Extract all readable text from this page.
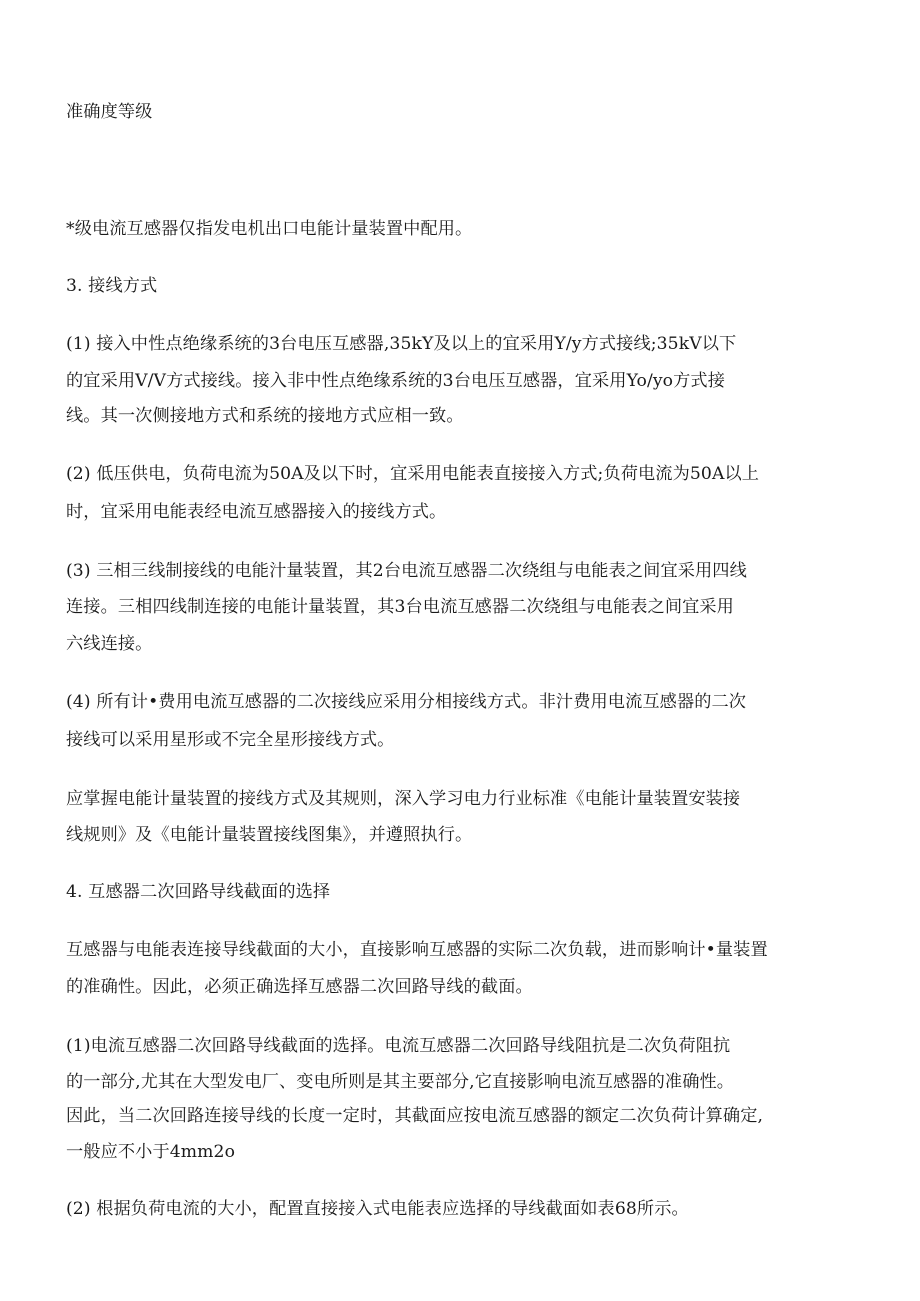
准确度等级
*级电流互感器仅指发电机出口电能计量装置中配用。
3. 接线方式
(1) 接入中性点绝缘系统的3台电压互感器,35kY及以上的宜采用Y/y方式接线;35kV以下
的宜采用V/V方式接线。接入非中性点绝缘系统的3台电压互感器，宜采用Yo/yo方式接
线。其一次侧接地方式和系统的接地方式应相一致。
(2) 低压供电，负荷电流为50A及以下时，宜采用电能表直接接入方式;负荷电流为50A以上
时，宜采用电能表经电流互感器接入的接线方式。
(3) 三相三线制接线的电能汁量装置，其2台电流互感器二次绕组与电能表之间宜采用四线
连接。三相四线制连接的电能计量装置，其3台电流互感器二次绕组与电能表之间宜采用
六线连接。
(4) 所有计•费用电流互感器的二次接线应采用分相接线方式。非汁费用电流互感器的二次
接线可以采用星形或不完全星形接线方式。
应掌握电能计量装置的接线方式及其规则，深入学习电力行业标准《电能计量装置安装接
线规则》及《电能计量装置接线图集》，并遵照执行。
4. 互感器二次回路导线截面的选择
互感器与电能表连接导线截面的大小，直接影响互感器的实际二次负载，进而影响计•量装置
的准确性。因此，必须正确选择互感器二次回路导线的截面。
(1)电流互感器二次回路导线截面的选择。电流互感器二次回路导线阻抗是二次负荷阻抗
的一部分,尤其在大型发电厂、变电所则是其主要部分,它直接影响电流互感器的准确性。
因此，当二次回路连接导线的长度一定时，其截面应按电流互感器的额定二次负荷计算确定,
一般应不小于4mm2o
(2) 根据负荷电流的大小，配置直接接入式电能表应选择的导线截面如表68所示。
